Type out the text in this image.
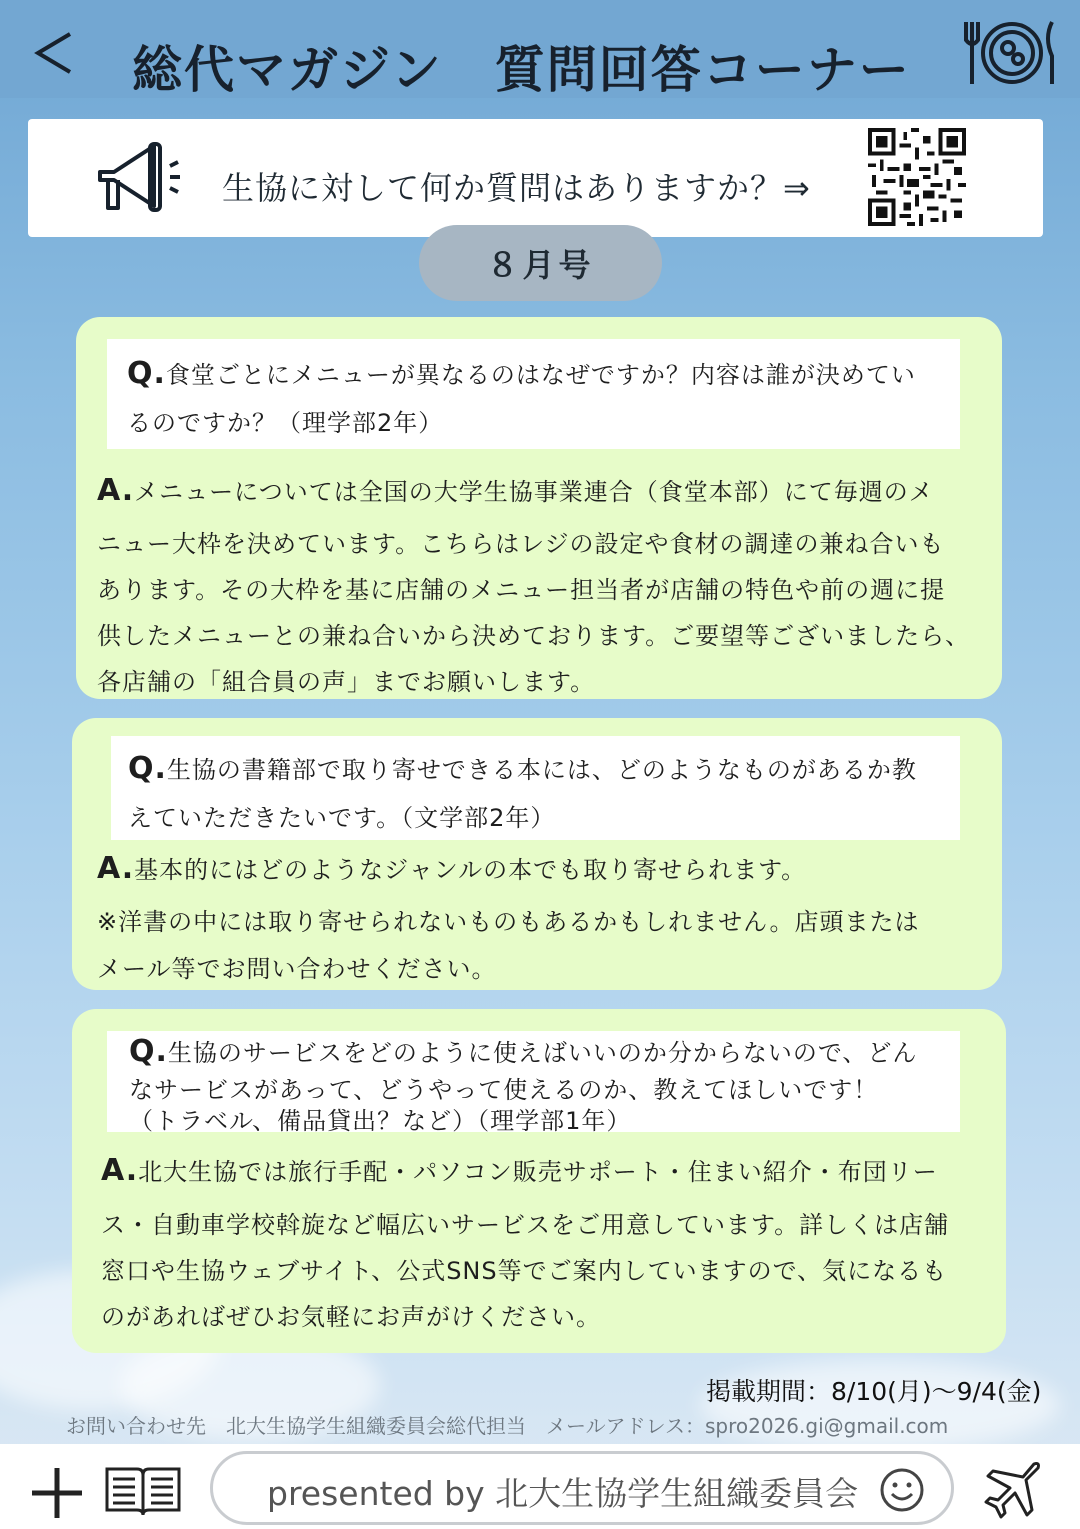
総代マガジン　質問回答コーナー
生協に対して何か質問はありますか？⇒
８月号
Q.食堂ごとにメニューが異なるのはなぜですか？内容は誰が決めてい
るのですか？（理学部2年）
A.メニューについては全国の大学生協事業連合（食堂本部）にて毎週のメ
ニュー大枠を決めています。こちらはレジの設定や食材の調達の兼ね合いも
あります。その大枠を基に店舗のメニュー担当者が店舗の特色や前の週に提
供したメニューとの兼ね合いから決めております。ご要望等ございましたら、
各店舗の「組合員の声」までお願いします。
Q.生協の書籍部で取り寄せできる本には、どのようなものがあるか教
えていただきたいです。（文学部2年）
A.基本的にはどのようなジャンルの本でも取り寄せられます。
※洋書の中には取り寄せられないものもあるかもしれません。店頭または
メール等でお問い合わせください。
Q.生協のサービスをどのように使えばいいのか分からないので、どん
なサービスがあって、どうやって使えるのか、教えてほしいです！
（トラベル、備品貸出？など）（理学部1年）
A.北大生協では旅行手配・パソコン販売サポート・住まい紹介・布団リー
ス・自動車学校斡旋など幅広いサービスをご用意しています。詳しくは店舗
窓口や生協ウェブサイト、公式SNS等でご案内していますので、気になるも
のがあればぜひお気軽にお声がけください。
掲載期間：8/10(月)〜9/4(金)
お問い合わせ先　北大生協学生組織委員会総代担当　メールアドレス：spro2026.gi@gmail.com
presented by 北大生協学生組織委員会
